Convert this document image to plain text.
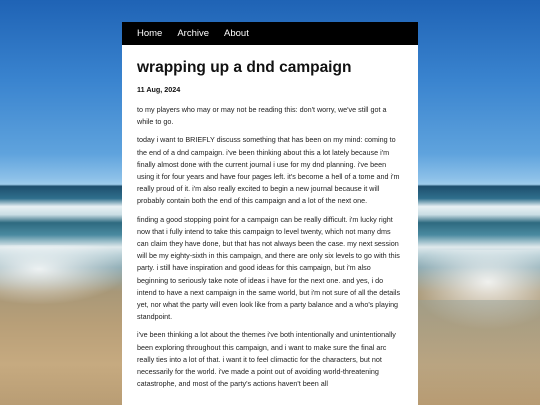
Home Archive About
wrapping up a dnd campaign

11 Aug, 2024

to my players who may or may not be reading this: don't worry, we've still got a while to go.

today i want to BRIEFLY discuss something that has been on my mind: coming to the end of a dnd campaign. i've been thinking about this a lot lately because i'm finally almost done with the current journal i use for my dnd planning. i've been using it for four years and have four pages left. it's become a hell of a tome and i'm really proud of it. i'm also really excited to begin a new journal because it will probably contain both the end of this campaign and a lot of the next one.

finding a good stopping point for a campaign can be really difficult. i'm lucky right now that i fully intend to take this campaign to level twenty, which not many dms can claim they have done, but that has not always been the case. my next session will be my eighty-sixth in this campaign, and there are only six levels to go with this party. i still have inspiration and good ideas for this campaign, but i'm also beginning to seriously take note of ideas i have for the next one. and yes, i do intend to have a next campaign in the same world, but i'm not sure of all the details yet, nor what the party will even look like from a party balance and a who's playing standpoint.

i've been thinking a lot about the themes i've both intentionally and unintentionally been exploring throughout this campaign, and i want to make sure the final arc really ties into a lot of that. i want it to feel climactic for the characters, but not necessarily for the world. i've made a point out of avoiding world-threatening catastrophe, and most of the party's actions haven't been all
